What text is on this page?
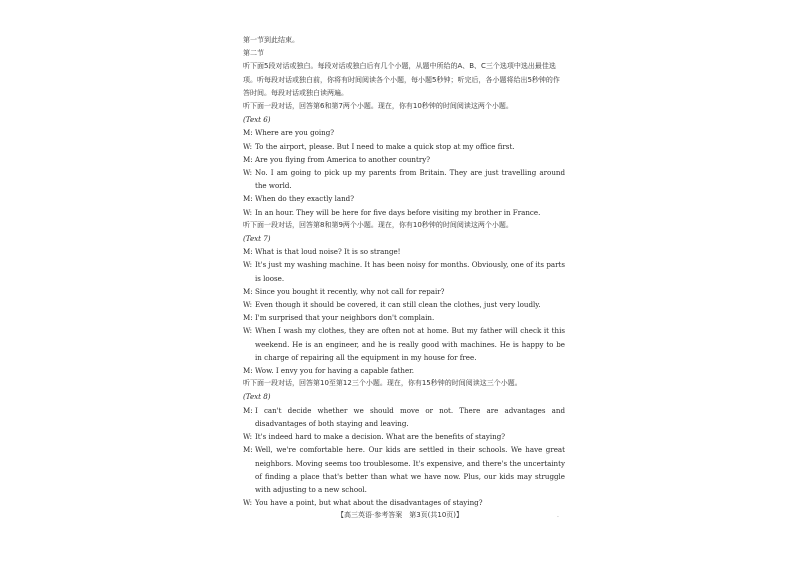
第一节到此结束。
第二节
听下面5段对话或独白。每段对话或独白后有几个小题，从题中所给的A、B、C三个选项中选出最佳选项。听每段对话或独白前，你将有时间阅读各个小题，每小题5秒钟；听完后，各小题将给出5秒钟的作答时间。每段对话或独白读两遍。
听下面一段对话，回答第6和第7两个小题。现在，你有10秒钟的时间阅读这两个小题。
(Text 6)
M: Where are you going?
W: To the airport, please. But I need to make a quick stop at my office first.
M: Are you flying from America to another country?
W: No. I am going to pick up my parents from Britain. They are just travelling around the world.
M: When do they exactly land?
W: In an hour. They will be here for five days before visiting my brother in France.
听下面一段对话，回答第8和第9两个小题。现在，你有10秒钟的时间阅读这两个小题。
(Text 7)
M: What is that loud noise? It is so strange!
W: It's just my washing machine. It has been noisy for months. Obviously, one of its parts is loose.
M: Since you bought it recently, why not call for repair?
W: Even though it should be covered, it can still clean the clothes, just very loudly.
M: I'm surprised that your neighbors don't complain.
W: When I wash my clothes, they are often not at home. But my father will check it this weekend. He is an engineer, and he is really good with machines. He is happy to be in charge of repairing all the equipment in my house for free.
M: Wow. I envy you for having a capable father.
听下面一段对话，回答第10至第12三个小题。现在，你有15秒钟的时间阅读这三个小题。
(Text 8)
M: I can't decide whether we should move or not. There are advantages and disadvantages of both staying and leaving.
W: It's indeed hard to make a decision. What are the benefits of staying?
M: Well, we're comfortable here. Our kids are settled in their schools. We have great neighbors. Moving seems too troublesome. It's expensive, and there's the uncertainty of finding a place that's better than what we have now. Plus, our kids may struggle with adjusting to a new school.
W: You have a point, but what about the disadvantages of staying?
【高三英语·参考答案　第3页(共10页)】	.
